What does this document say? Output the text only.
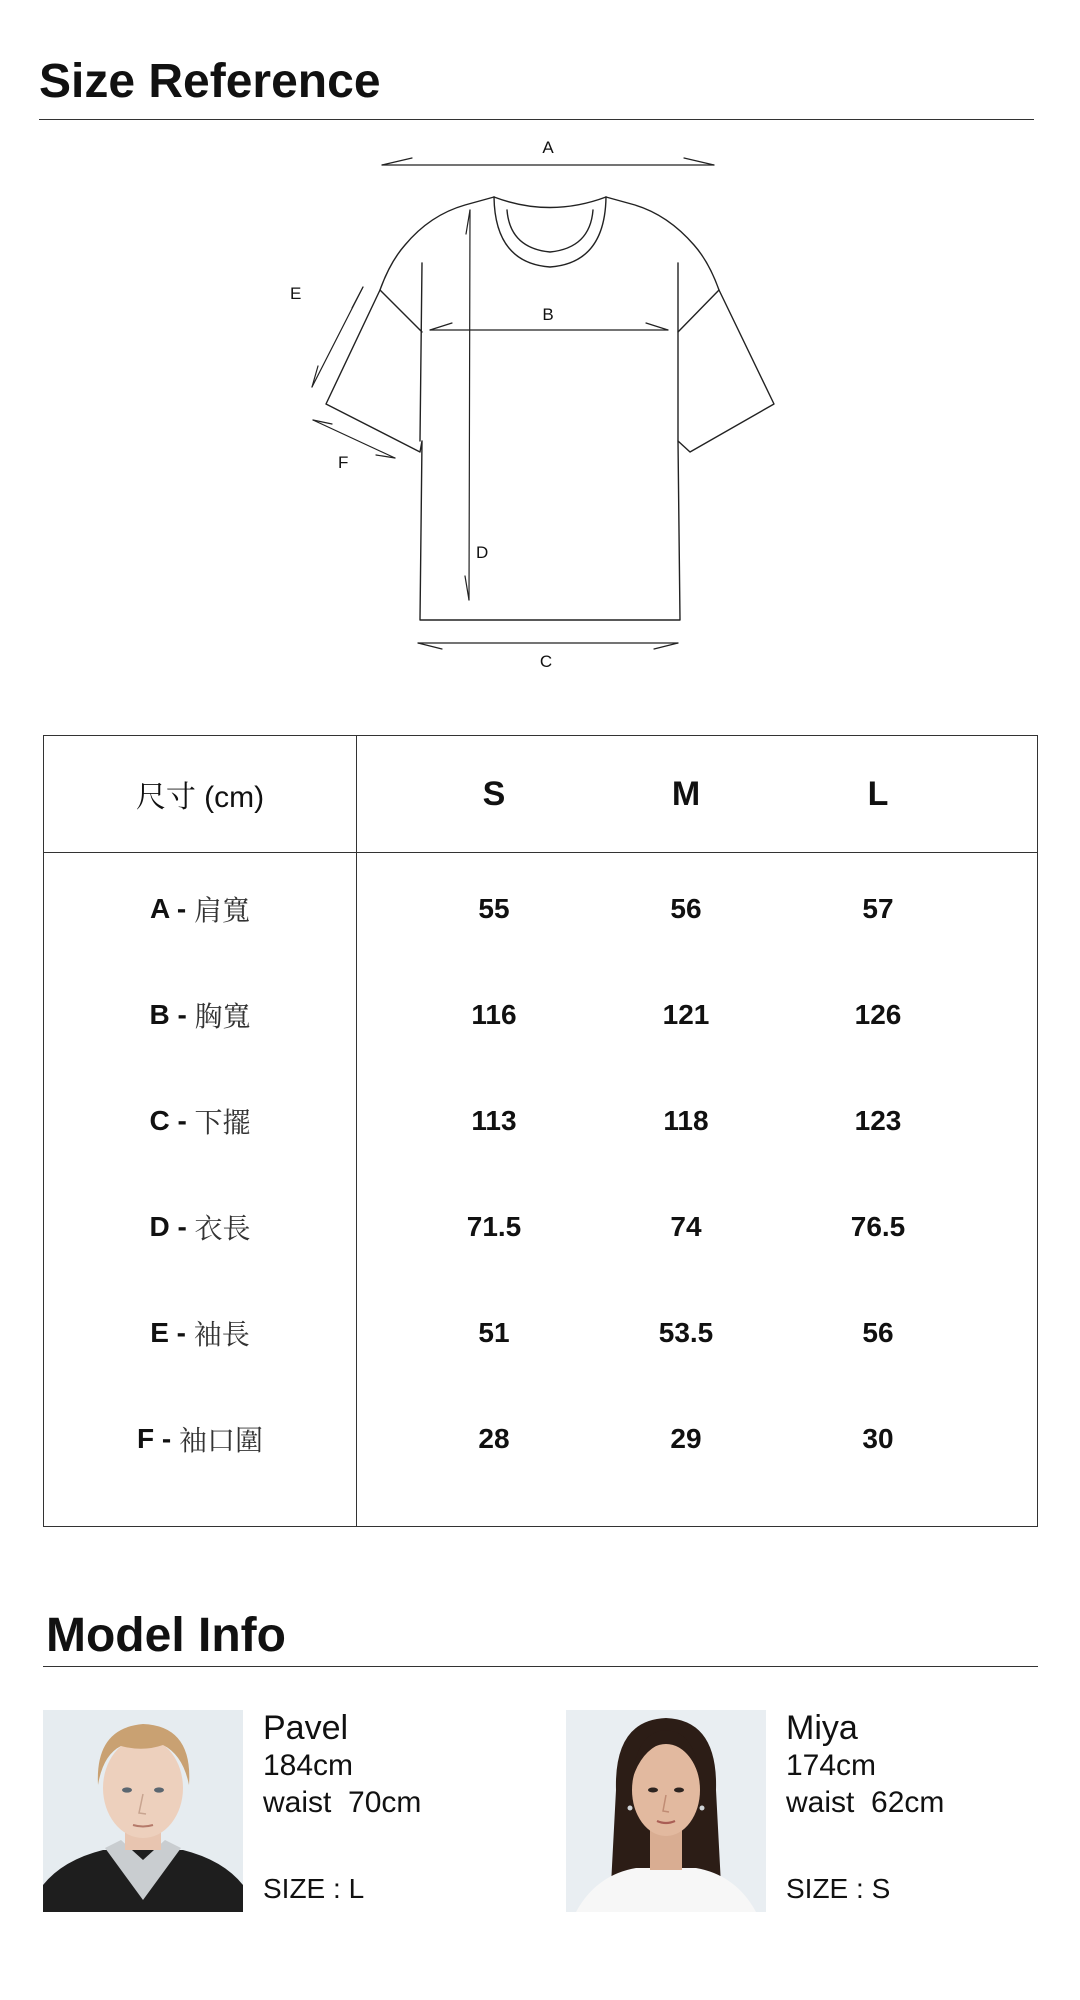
Size Reference
A
B
C
D
E
F
尺寸 (cm)	S	M	L
A -
肩寬	55	56	57
B -
胸寬	116	121	126
C -
下擺	113	118	123
D -
衣長	71.5	74	76.5
E -
袖長	51	53.5	56
F -
袖口圍	28	29	30
Model Info
Pavel
184cm
waist  70cm
SIZE : L
Miya
174cm
waist  62cm
SIZE : S
